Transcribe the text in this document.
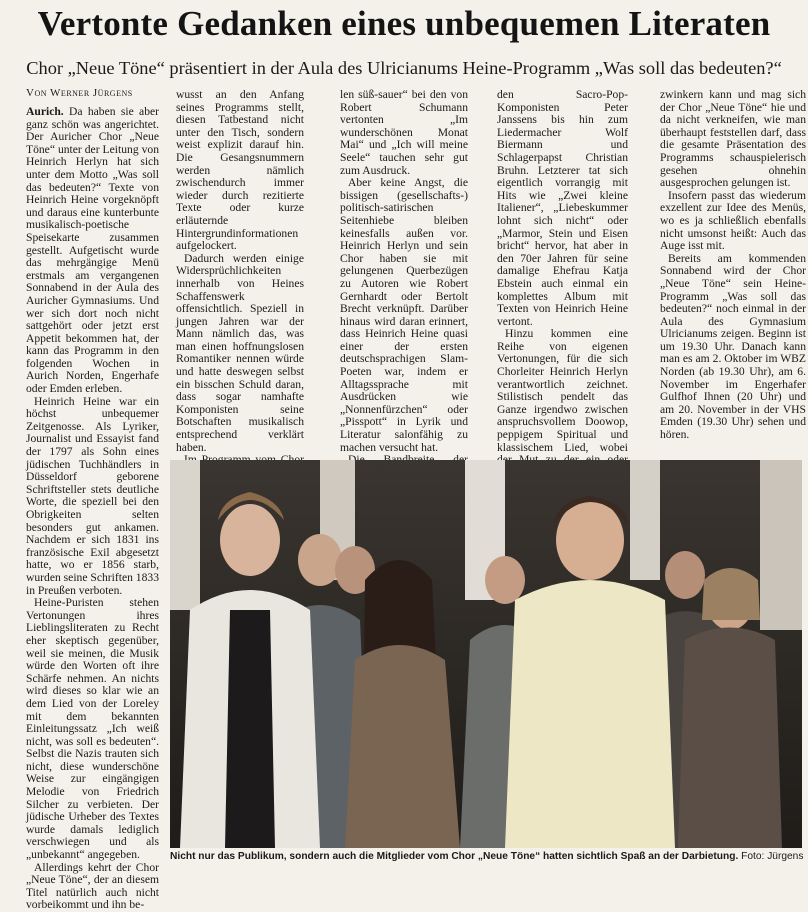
Vertonte Gedanken eines unbequemen Literaten
Chor „Neue Töne“ präsentiert in der Aula des Ulricianums Heine-Programm „Was soll das bedeuten?“
Von Werner Jürgens

Aurich. Da haben sie aber ganz schön was angerichtet. Der Auricher Chor „Neue Töne“ unter der Leitung von Heinrich Herlyn hat sich unter dem Motto „Was soll das bedeuten?“ Texte von Heinrich Heine vorgeknöpft und daraus eine kunterbunte musikalisch-poetische Speisekarte zusammen gestellt. Aufgetischt wurde das mehrgängige Menü erstmals am vergangenen Sonnabend in der Aula des Auricher Gymnasiums. Und wer sich dort noch nicht sattgehört oder jetzt erst Appetit bekommen hat, der kann das Programm in den folgenden Wochen in Aurich Norden, Engerhafe oder Emden erleben.

Heinrich Heine war ein höchst unbequemer Zeitgenosse. Als Lyriker, Journalist und Essayist fand der 1797 als Sohn eines jüdischen Tuchhändlers in Düsseldorf geborene Schriftsteller stets deutliche Worte, die speziell bei den Obrigkeiten selten besonders gut ankamen. Nachdem er sich 1831 ins französische Exil abgesetzt hatte, wo er 1856 starb, wurden seine Schriften 1833 in Preußen verboten.

Heine-Puristen stehen Vertonungen ihres Lieblingsliteraten zu Recht eher skeptisch gegenüber, weil sie meinen, die Musik würde den Worten oft ihre Schärfe nehmen. An nichts wird dieses so klar wie an dem Lied von der Loreley mit dem bekannten Einleitungssatz „Ich weiß nicht, was soll es bedeuten“. Selbst die Nazis trauten sich nicht, diese wunderschöne Weise zur eingängigen Melodie von Friedrich Silcher zu verbieten. Der jüdische Urheber des Textes wurde damals lediglich verschwiegen und als „unbekannt“ angegeben.

Allerdings kehrt der Chor „Neue Töne“, der an diesem Titel natürlich auch nicht vorbeikommt und ihn be-

wusst an den Anfang seines Programms stellt, diesen Tatbestand nicht unter den Tisch, sondern weist explizit darauf hin. Die Gesangsnummern werden nämlich zwischendurch immer wieder durch rezitierte Texte oder kurze erläuternde Hintergrundinformationen aufgelockert.

Dadurch werden einige Widersprüchlichkeiten innerhalb von Heines Schaffenswerk offensichtlich. Speziell in jungen Jahren war der Mann nämlich das, was man einen hoffnungslosen Romantiker nennen würde und hatte deswegen selbst ein bisschen Schuld daran, dass sogar namhafte Komponisten seine Botschaften musikalisch entsprechend verklärt haben.

len süß-sauer“ bei den von Robert Schumann vertonten „Im wunderschönen Monat Mai“ und „Ich will meine Seele“ tauchen sehr gut zum Ausdruck.

Aber keine Angst, die bissigen (gesellschafts-) politisch-satirischen Seitenhiebe bleiben keinesfalls außen vor. Heinrich Herlyn und sein Chor haben sie mit gelungenen Querbezügen zu Autoren wie Robert Gernhardt oder Bertolt Brecht verknüpft. Darüber hinaus wird daran erinnert, dass Heinrich Heine quasi einer der ersten deutschsprachigen Slam-Poeten war, indem er Alltagssprache mit Ausdrücken wie „Nonnenfürzchen“ oder „Pisspott“ in Lyrik und Literatur salonfähig zu machen versucht hat.

den Sacro-Pop-Komponisten Peter Janssens bis hin zum Liedermacher Wolf Biermann und Schlagerpapst Christian Bruhn. Letzterer tat sich eigentlich vorrangig mit Hits wie „Zwei kleine Italiener“, „Liebeskummer lohnt sich nicht“ oder „Marmor, Stein und Eisen bricht“ hervor, hat aber in den 70er Jahren für seine damalige Ehefrau Katja Ebstein auch einmal ein komplettes Album mit Texten von Heinrich Heine vertont.

Hinzu kommen eine Reihe von eigenen Vertonungen, für die sich Chorleiter Heinrich Herlyn verantwortlich zeichnet. Stilistisch pendelt das Ganze irgendwo zwischen anspruchsvollem Doowop, peppigem Spiritual und klassischem Lied, wobei

zwinkern kann und mag sich der Chor „Neue Töne“ hie und da nicht verkneifen, wie man überhaupt feststellen darf, dass die gesamte Präsentation des Programms schauspielerisch gesehen ohnehin ausgesprochen gelungen ist.

Insofern passt das wiederum exzellent zur Idee des Menüs, wo es ja schließlich ebenfalls nicht umsonst heißt: Auch das Auge isst mit.

Bereits am kommenden Sonnabend wird der Chor „Neue Töne“ sein Heine-Programm „Was soll das bedeuten?“ noch einmal in der Aula des Gymnasium Ulricianums zeigen. Beginn ist um 19.30 Uhr. Danach kann man es am 2. Oktober im WBZ Norden (ab 19.30 Uhr), am 6. November im Engerhafer Gulfhof Ihnen (20 Uhr) und am 20. November in der VHS Emden (19.30 Uhr) sehen und hören.

Nicht nur das Publikum, sondern auch die Mitglieder vom Chor „Neue Töne“ hatten sichtlich Spaß an der Darbietung. Foto: Jürgens
